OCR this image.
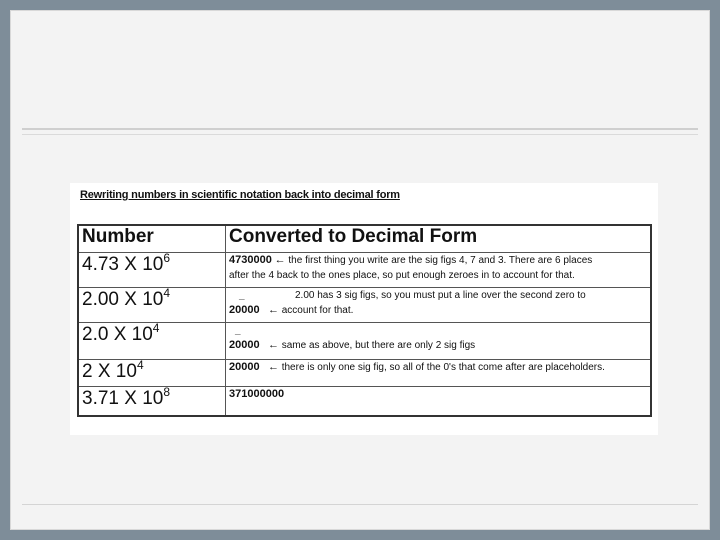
Rewriting numbers in scientific notation back into decimal form
Number	Converted to Decimal Form
4.73 X $10^6$	4730000 ← the first thing you write are the sig figs 4, 7 and 3. There are 6 places
after the 4 back to the ones place, so put enough zeroes in to account for that.

2.00 X $10^4$	_ 2.00 has 3 sig figs, so you must put a line over the second zero to
20000 ← account for that.

2.0 X $10^4$	_
20000 ← same as above, but there are only 2 sig figs

2 X $10^4$	20000 ← there is only one sig fig, so all of the 0's that come after are placeholders.

3.71 X $10^8$	371000000
